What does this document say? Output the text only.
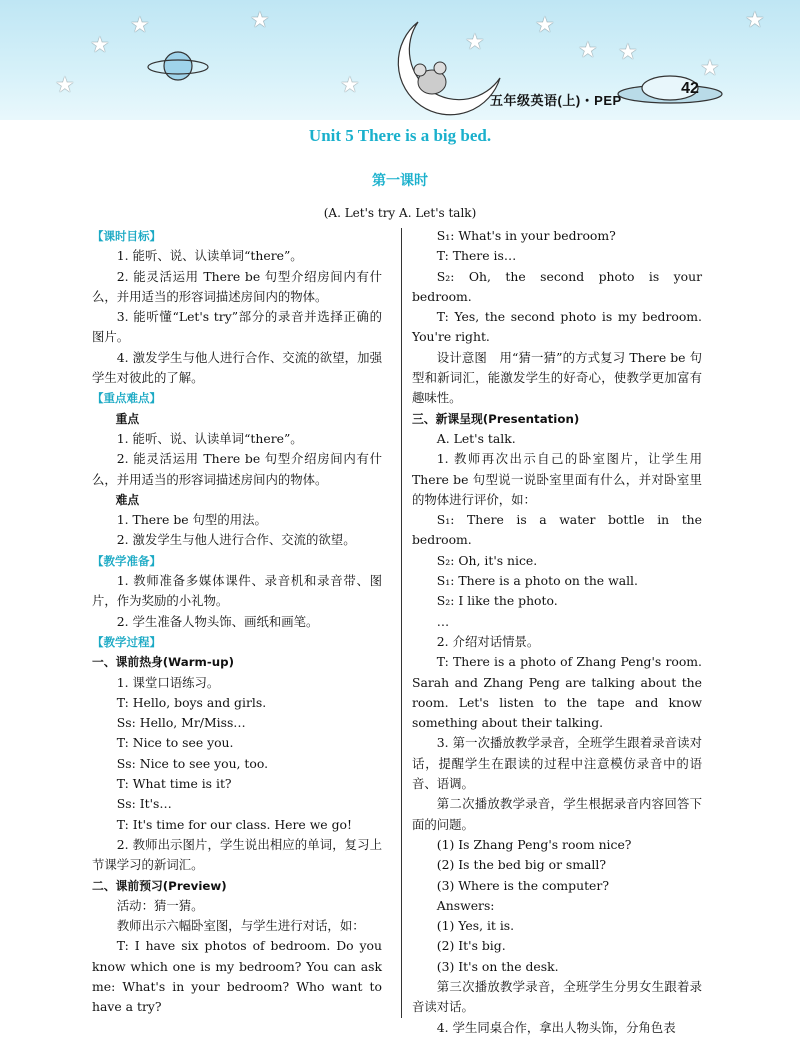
★
★
★	★
★
★
★
★ ★
★
★
五年级英语(上)・PEP
42
Unit 5 There is a big bed.
第一课时
(A. Let's try A. Let's talk)

【课时目标】

1. 能听、说、认读单词“there”。

2. 能灵活运用 There be 句型介绍房间内有什么，并用适当的形容词描述房间内的物体。

3. 能听懂“Let's try”部分的录音并选择正确的图片。

4. 激发学生与他人进行合作、交流的欲望，加强学生对彼此的了解。

【重点难点】

重点

1. 能听、说、认读单词“there”。

2. 能灵活运用 There be 句型介绍房间内有什么，并用适当的形容词描述房间内的物体。

难点

1. There be 句型的用法。

2. 激发学生与他人进行合作、交流的欲望。

【教学准备】

1. 教师准备多媒体课件、录音机和录音带、图片，作为奖励的小礼物。

2. 学生准备人物头饰、画纸和画笔。

【教学过程】

一、课前热身(Warm-up)

1. 课堂口语练习。

T: Hello, boys and girls.

Ss: Hello, Mr/Miss…

T: Nice to see you.

Ss: Nice to see you, too.

T: What time is it?

Ss: It's…

T: It's time for our class. Here we go!

2. 教师出示图片，学生说出相应的单词，复习上节课学习的新词汇。

二、课前预习(Preview)

活动：猜一猜。

教师出示六幅卧室图，与学生进行对话，如：

T: I have six photos of bedroom. Do you know which one is my bedroom? You can ask me: What's in your bedroom? Who want to have a try?

S₁: What's in your bedroom?

T: There is…

S₂: Oh, the second photo is your bedroom.

T: Yes, the second photo is my bedroom. You're right.

设计意图　用“猜一猜”的方式复习 There be 句型和新词汇，能激发学生的好奇心，使教学更加富有趣味性。

三、新课呈现(Presentation)

A. Let's talk.

1. 教师再次出示自己的卧室图片，让学生用 There be 句型说一说卧室里面有什么，并对卧室里的物体进行评价，如：

S₁: There is a water bottle in the bedroom.

S₂: Oh, it's nice.

S₁: There is a photo on the wall.

S₂: I like the photo.

…

2. 介绍对话情景。

T: There is a photo of Zhang Peng's room. Sarah and Zhang Peng are talking about the room. Let's listen to the tape and know something about their talking.

3. 第一次播放教学录音，全班学生跟着录音读对话，提醒学生在跟读的过程中注意模仿录音中的语音、语调。

第二次播放教学录音，学生根据录音内容回答下面的问题。

(1) Is Zhang Peng's room nice?

(2) Is the bed big or small?

(3) Where is the computer?

Answers:

(1) Yes, it is.

(2) It's big.

(3) It's on the desk.

第三次播放教学录音，全班学生分男女生跟着录音读对话。

4. 学生同桌合作，拿出人物头饰，分角色表
